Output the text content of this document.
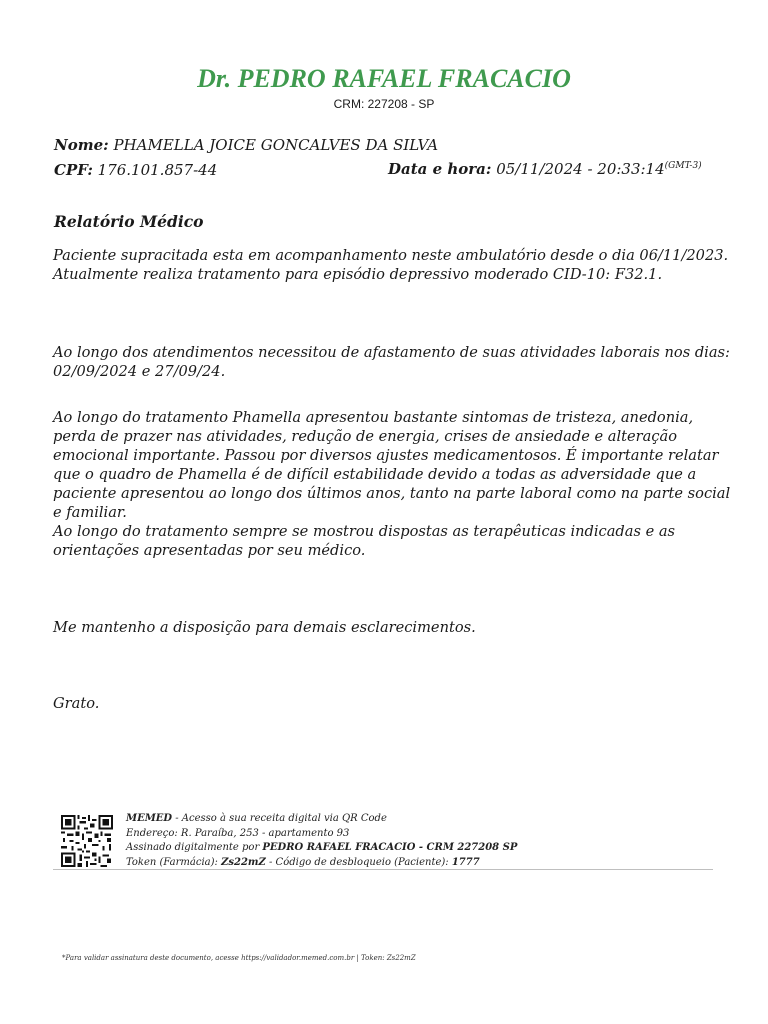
Dr. PEDRO RAFAEL FRACACIO
CRM: 227208 - SP
Nome: PHAMELLA JOICE GONCALVES DA SILVA
CPF: 176.101.857-44	Data e hora: $05/11/2024 - 20:33:14^{(GMT-3)}$
Relatório Médico

Paciente supracitada esta em acompanhamento neste ambulatório desde o dia 06/11/2023. Atualmente realiza tratamento para episódio depressivo moderado CID-10: F32.1.

Ao longo dos atendimentos necessitou de afastamento de suas atividades laborais nos dias: 02/09/2024 e 27/09/24.

Ao longo do tratamento Phamella apresentou bastante sintomas de tristeza, anedonia, perda de prazer nas atividades, redução de energia, crises de ansiedade e alteração emocional importante. Passou por diversos ajustes medicamentosos. É importante relatar que o quadro de Phamella é de difícil estabilidade devido a todas as adversidade que a paciente apresentou ao longo dos últimos anos, tanto na parte laboral como na parte social e familiar.

Ao longo do tratamento sempre se mostrou dispostas as terapêuticas indicadas e as orientações apresentadas por seu médico.

Me mantenho a disposição para demais esclarecimentos.

Grato.

MEMED - Acesso à sua receita digital via QR Code
Endereço: R. Paraíba, 253 - apartamento 93
Assinado digitalmente por PEDRO RAFAEL FRACACIO - CRM 227208 SP
Token (Farmácia): Zs22mZ - Código de desbloqueio (Paciente): 1777
*Para validar assinatura deste documento, acesse https://validador.memed.com.br | Token: Zs22mZ
